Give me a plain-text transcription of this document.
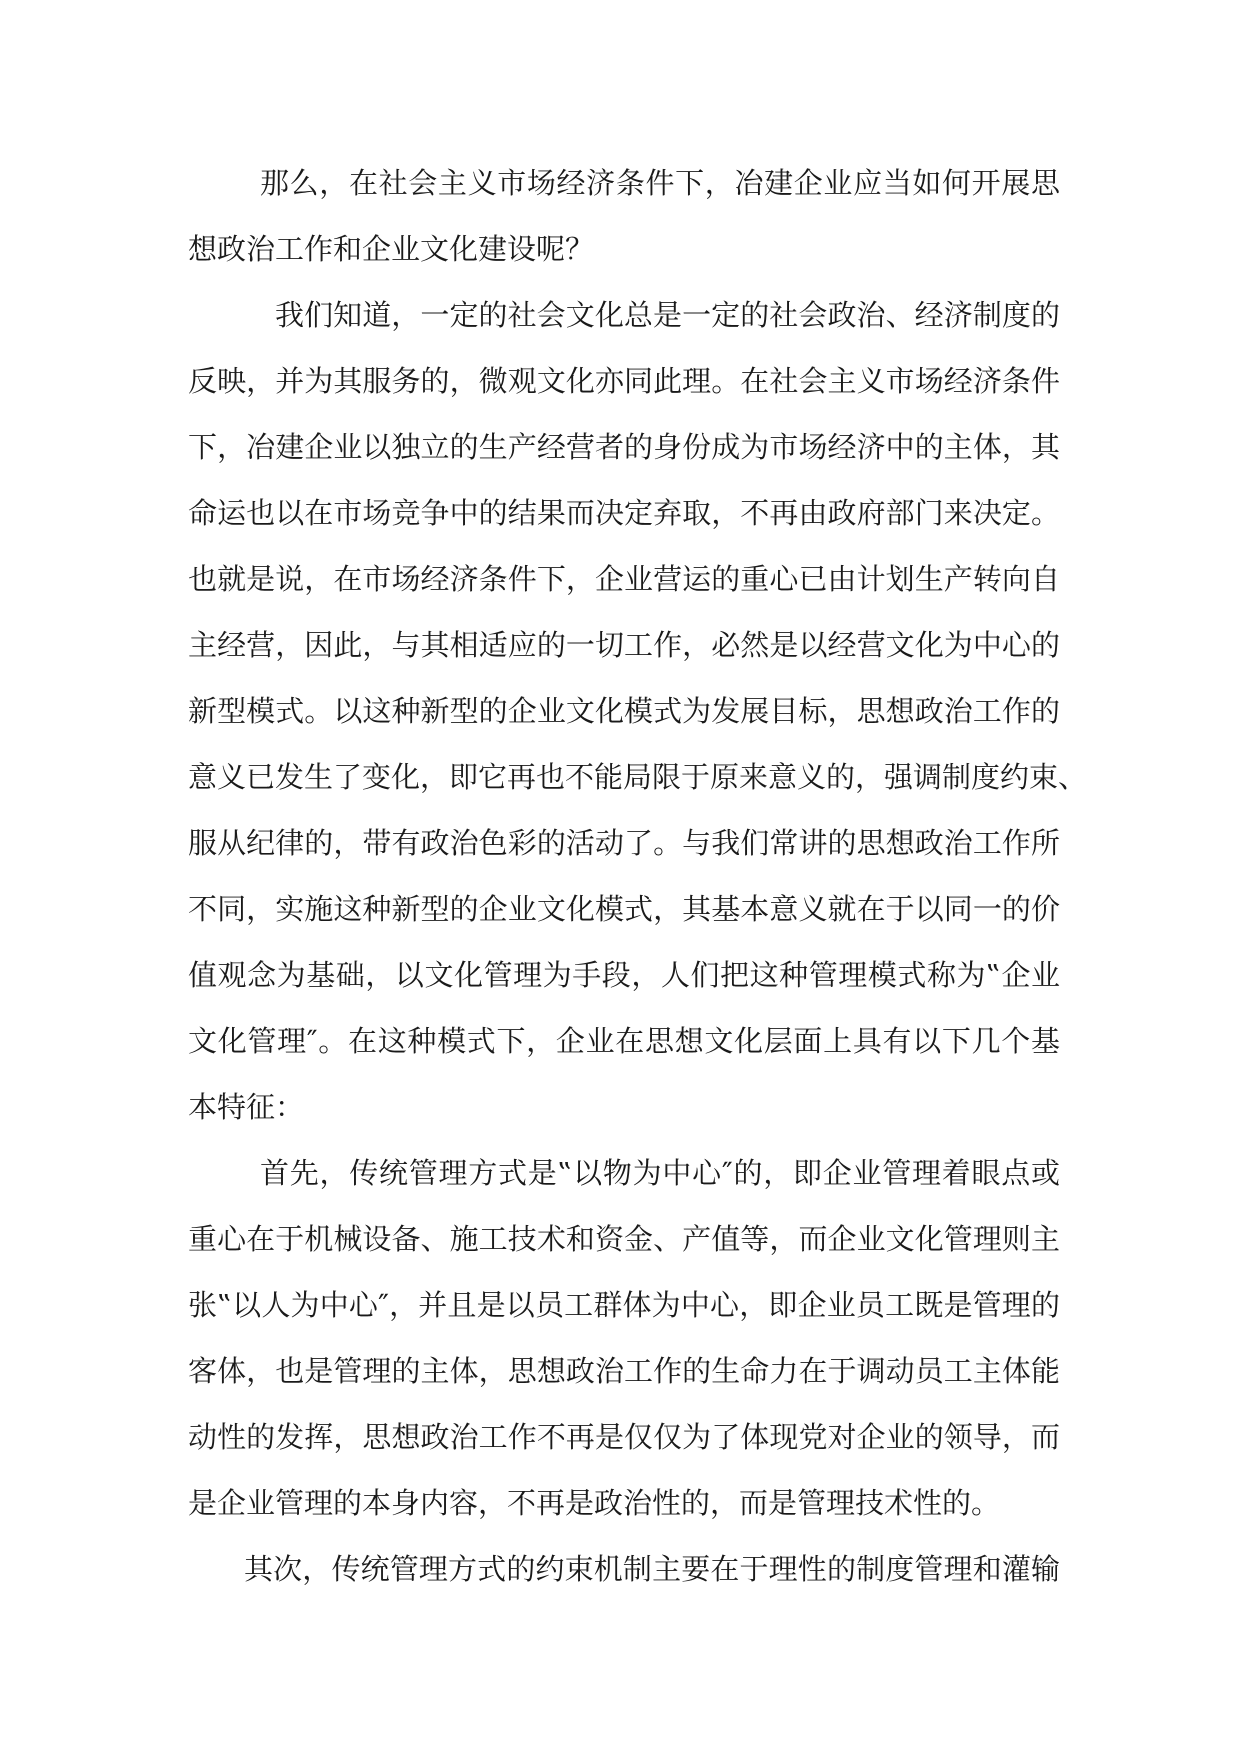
那么，在社会主义市场经济条件下，冶建企业应当如何开展思
想政治工作和企业文化建设呢？
我们知道，一定的社会文化总是一定的社会政治、经济制度的
反映，并为其服务的，微观文化亦同此理。在社会主义市场经济条件
下，冶建企业以独立的生产经营者的身份成为市场经济中的主体，其
命运也以在市场竞争中的结果而决定弃取，不再由政府部门来决定。
也就是说，在市场经济条件下，企业营运的重心已由计划生产转向自
主经营，因此，与其相适应的一切工作，必然是以经营文化为中心的
新型模式。以这种新型的企业文化模式为发展目标，思想政治工作的
意义已发生了变化，即它再也不能局限于原来意义的，强调制度约束、
服从纪律的，带有政治色彩的活动了。与我们常讲的思想政治工作所
不同，实施这种新型的企业文化模式，其基本意义就在于以同一的价
值观念为基础，以文化管理为手段，人们把这种管理模式称为‟企业
文化管理″。在这种模式下，企业在思想文化层面上具有以下几个基
本特征：
首先，传统管理方式是‟以物为中心″的，即企业管理着眼点或
重心在于机械设备、施工技术和资金、产值等，而企业文化管理则主
张‟以人为中心″，并且是以员工群体为中心，即企业员工既是管理的
客体，也是管理的主体，思想政治工作的生命力在于调动员工主体能
动性的发挥，思想政治工作不再是仅仅为了体现党对企业的领导，而
是企业管理的本身内容，不再是政治性的，而是管理技术性的。
其次，传统管理方式的约束机制主要在于理性的制度管理和灌输
